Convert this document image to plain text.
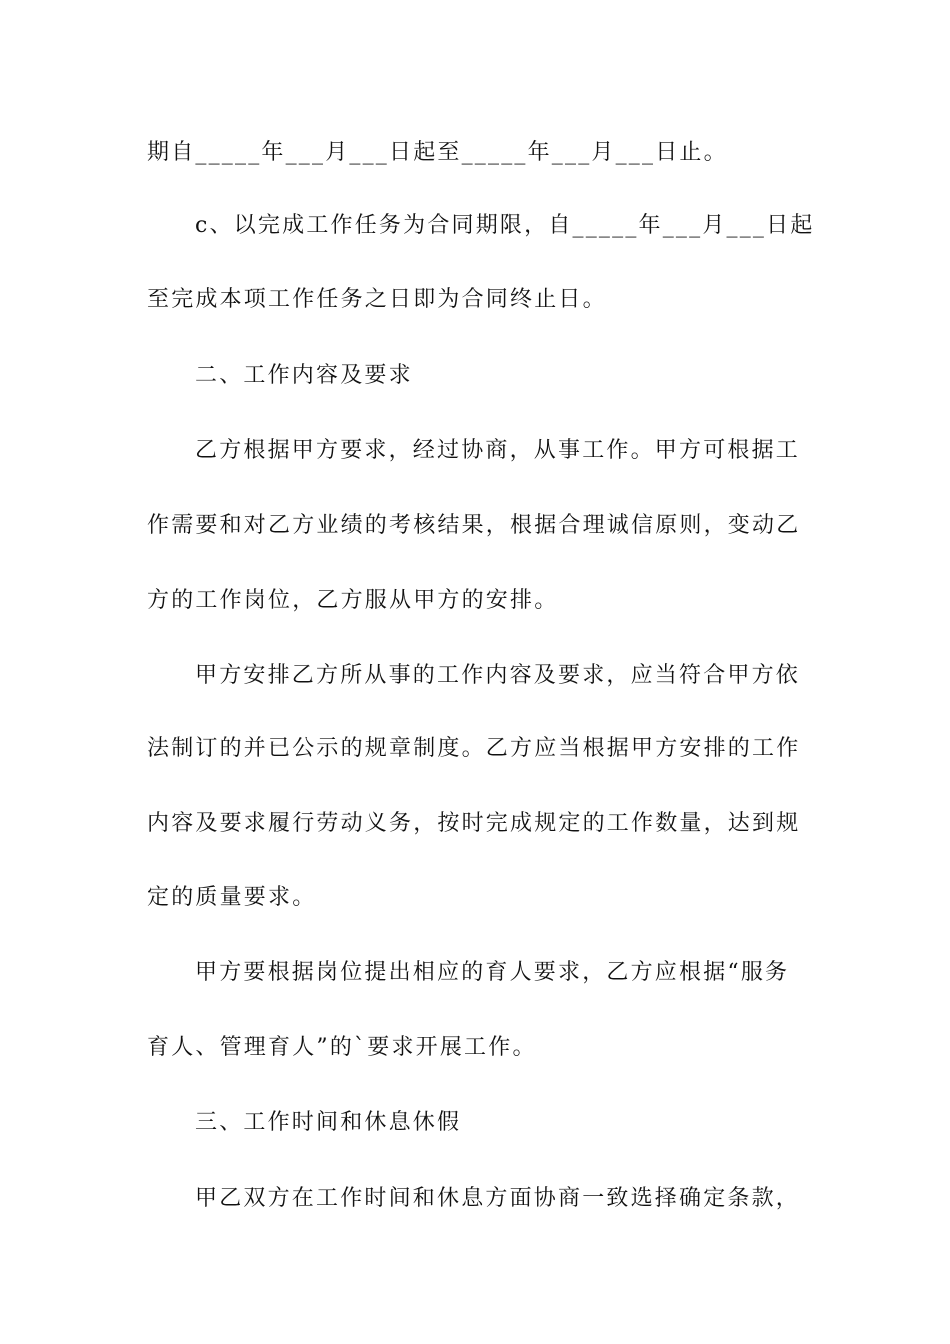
期自_____年___月___日起至_____年___月___日止。
c、以完成工作任务为合同期限，自_____年___月___日起
至完成本项工作任务之日即为合同终止日。
二、工作内容及要求
乙方根据甲方要求，经过协商，从事工作。甲方可根据工
作需要和对乙方业绩的考核结果，根据合理诚信原则，变动乙
方的工作岗位，乙方服从甲方的安排。
甲方安排乙方所从事的工作内容及要求，应当符合甲方依
法制订的并已公示的规章制度。乙方应当根据甲方安排的工作
内容及要求履行劳动义务，按时完成规定的工作数量，达到规
定的质量要求。
甲方要根据岗位提出相应的育人要求，乙方应根据“服务
育人、管理育人”的`要求开展工作。
三、工作时间和休息休假
甲乙双方在工作时间和休息方面协商一致选择确定条款，
